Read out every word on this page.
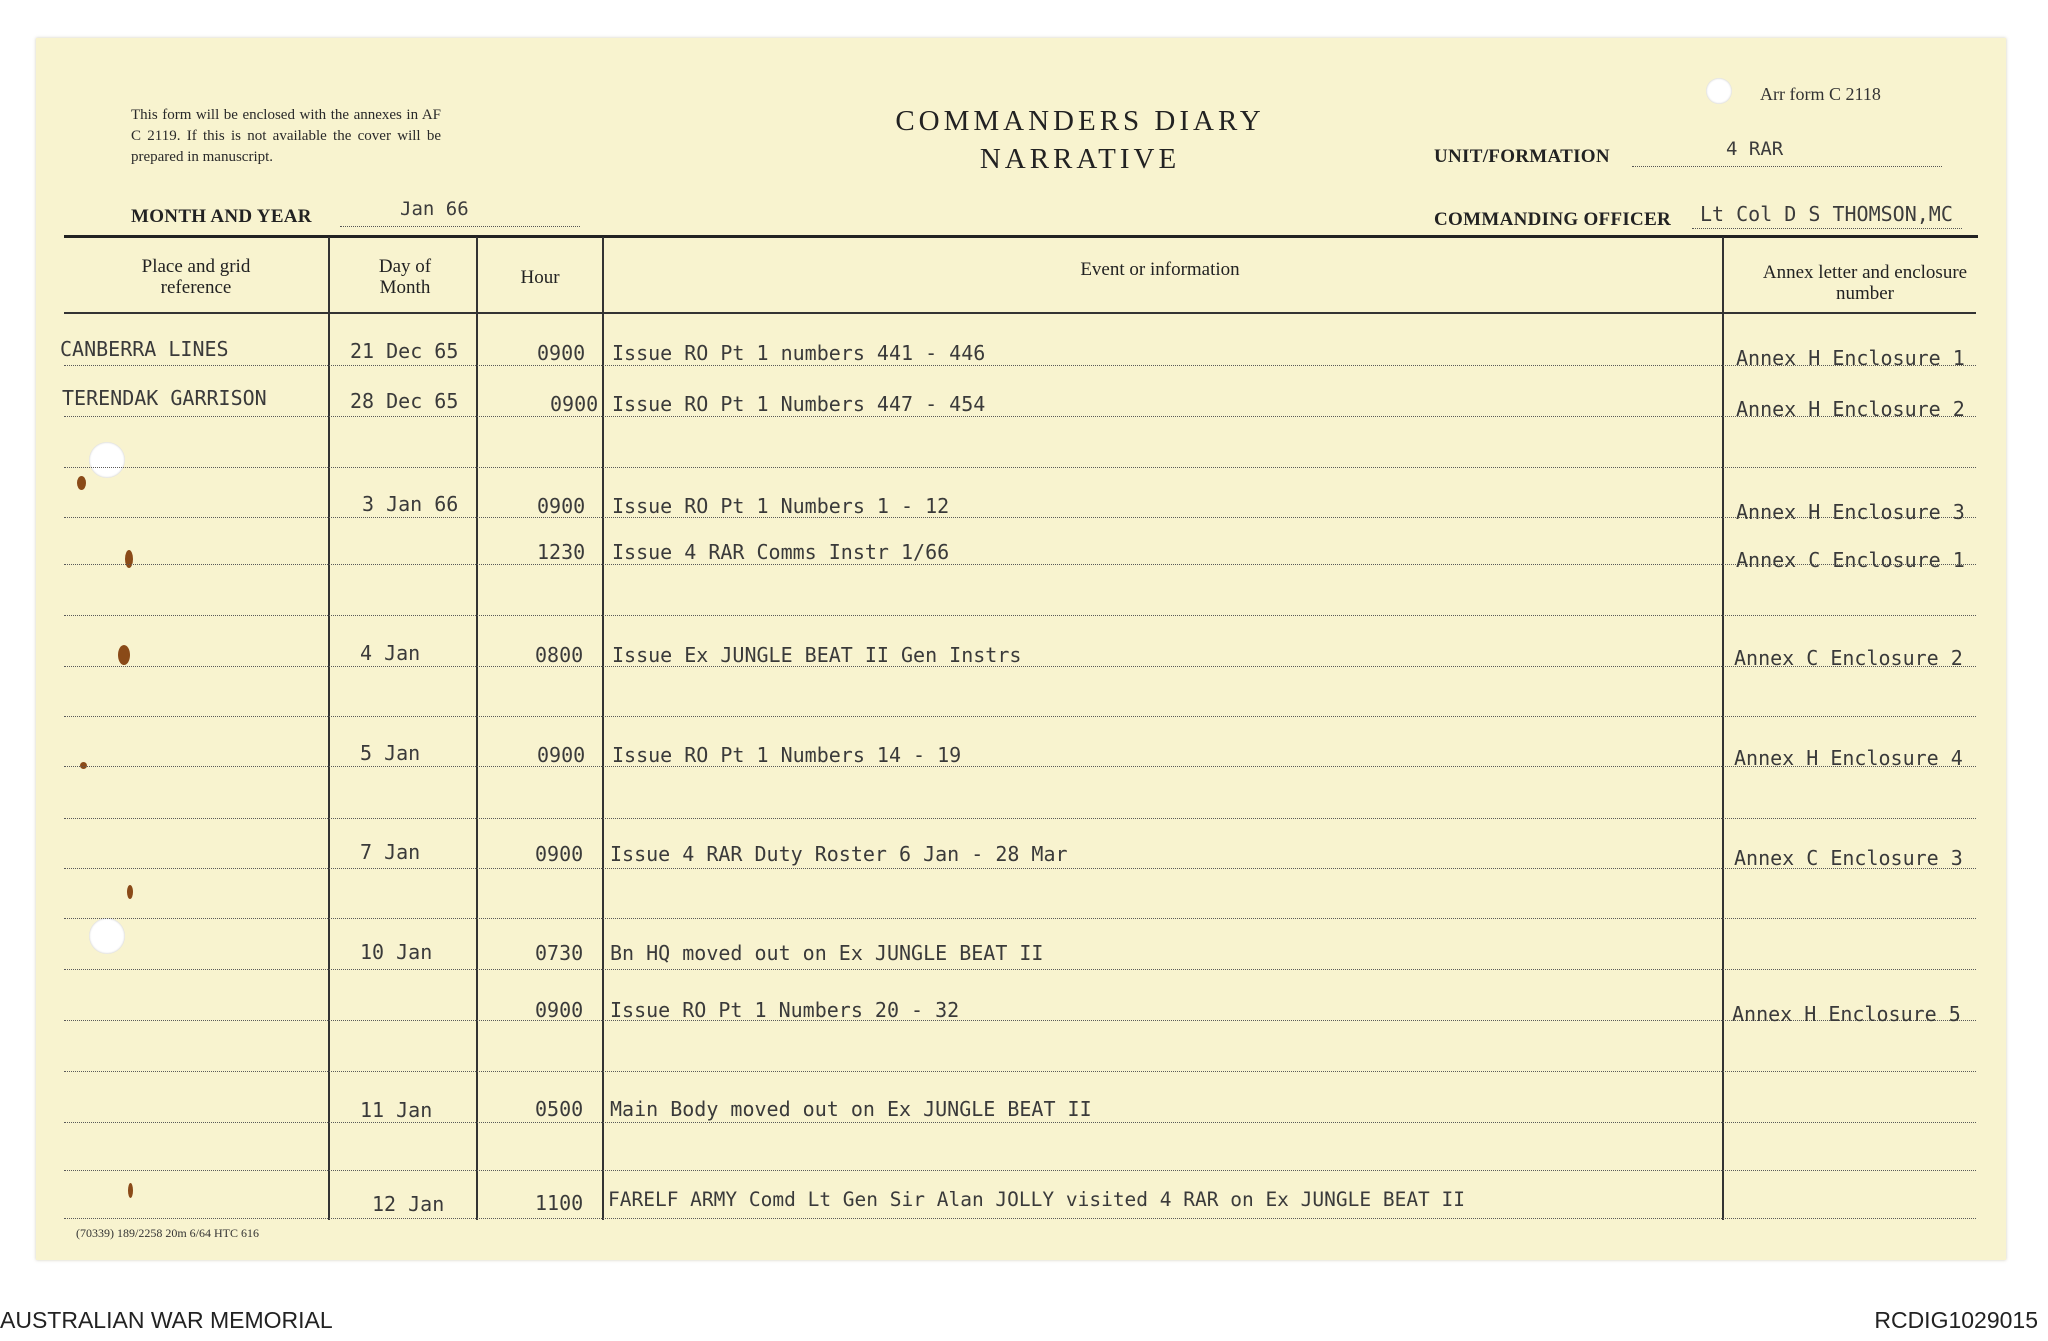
This form will be enclosed with the annexes in AF C 2119. If this is not available the cover will be prepared in manuscript.
COMMANDERS DIARY
NARRATIVE
Arr form C 2118
UNIT/FORMATION	4 RAR
MONTH AND YEAR	Jan 66	COMMANDING OFFICER Lt Col D S THOMSON,MC
Place and grid reference
Day of Month	Hour	Event or information	Annex letter and enclosure number
CANBERRA LINES	21 Dec 65	0900 Issue RO Pt 1 numbers 441 - 446	Annex H Enclosure 1
TERENDAK GARRISON	28 Dec 65	0900 Issue RO Pt 1 Numbers 447 - 454	Annex H Enclosure 2
3 Jan 66	0900 Issue RO Pt 1 Numbers 1 - 12	Annex H Enclosure 3
1230 Issue 4 RAR Comms Instr 1/66	Annex C Enclosure 1
4 Jan	0800 Issue Ex JUNGLE BEAT II Gen Instrs	Annex C Enclosure 2
5 Jan	0900 Issue RO Pt 1 Numbers 14 - 19	Annex H Enclosure 4
7 Jan	0900 Issue 4 RAR Duty Roster 6 Jan - 28 Mar	Annex C Enclosure 3
10 Jan	0730 Bn HQ moved out on Ex JUNGLE BEAT II
0900 Issue RO Pt 1 Numbers 20 - 32	Annex H Enclosure 5
11 Jan	0500 Main Body moved out on Ex JUNGLE BEAT II
12 Jan	1100 FARELF ARMY Comd Lt Gen Sir Alan JOLLY visited 4 RAR on Ex JUNGLE BEAT II
(70339) 189/2258 20m 6/64 HTC 616
AUSTRALIAN WAR MEMORIAL	RCDIG1029015
